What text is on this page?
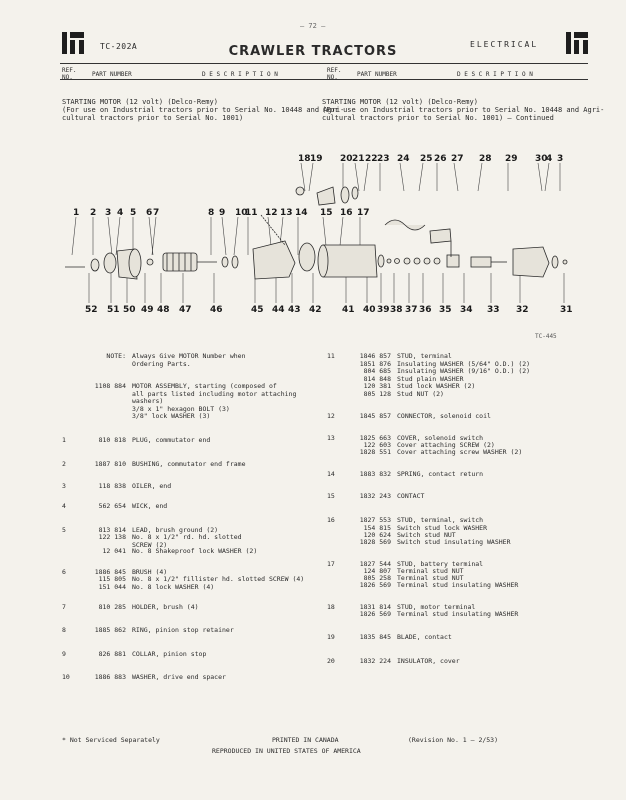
— 72 —
TC-202A	CRAWLER TRACTORS	ELECTRICAL
REF.
NO.	PART NUMBER	D E S C R I P T I O N
REF.
NO.	PART NUMBER	D E S C R I P T I O N
STARTING MOTOR (12 volt) (Delco-Remy)
(For use on Industrial tractors prior to Serial No. 10448 and Agri-
cultural tractors prior to Serial No. 1001)
STARTING MOTOR (12 volt) (Delco-Remy)
(For use on Industrial tractors prior to Serial No. 10448 and Agri-
cultural tractors prior to Serial No. 1001) — Continued
1 2 3 4 5 6 7	8 9 10
11 12 13 14 15 16 17
18 19 20 21 22 23 24 25 26 27 28 29 30
4 3
52 51 50 49 48 47 46	45 44 43 42 41 40 39 38 37 36 35 34 33 32	31
TC-445
NOTE: Always Give MOTOR Number when
Ordering Parts.
1108 884 MOTOR ASSEMBLY, starting (composed of
all parts listed including motor attaching
washers)
3/8 x 1" hexagon BOLT (3)
3/8" lock WASHER (3)
1	810 818 PLUG, commutator end
2	1887 810 BUSHING, commutator end frame
3	118 838 OILER, end
4	562 654 WICK, end
5	813 814 LEAD, brush ground (2)
122 138 No. 8 x 1/2" rd. hd. slotted
SCREW (2)
12 041 No. 8 Shakeproof lock WASHER (2)
6	1886 845 BRUSH (4)
115 805 No. 8 x 1/2" fillister hd. slotted SCREW (4)
151 044 No. 8 lock WASHER (4)
7	810 285 HOLDER, brush (4)
8	1885 862 RING, pinion stop retainer
9	826 881 COLLAR, pinion stop
10	1886 883 WASHER, drive end spacer
11	1846 857 STUD, terminal
1851 876 Insulating WASHER (5/64" O.D.) (2)
804 685 Insulating WASHER (9/16" O.D.) (2)
814 848 Stud plain WASHER
120 381 Stud lock WASHER (2)
805 128 Stud NUT (2)
12	1845 857 CONNECTOR, solenoid coil
13	1825 663 COVER, solenoid switch
122 603 Cover attaching SCREW (2)
1828 551 Cover attaching screw WASHER (2)
14	1883 832 SPRING, contact return
15	1832 243 CONTACT
16	1827 553 STUD, terminal, switch
154 815 Switch stud lock WASHER
120 624 Switch stud NUT
1828 569 Switch stud insulating WASHER
17	1827 544 STUD, battery terminal
124 807 Terminal stud NUT
805 258 Terminal stud NUT
1826 569 Terminal stud insulating WASHER
18	1831 814 STUD, motor terminal
1826 569 Terminal stud insulating WASHER
19	1835 845 BLADE, contact
20	1832 224 INSULATOR, cover
* Not Serviced Separately	PRINTED IN CANADA	(Revision No. 1 — 2/53)
REPRODUCED IN UNITED STATES OF AMERICA
